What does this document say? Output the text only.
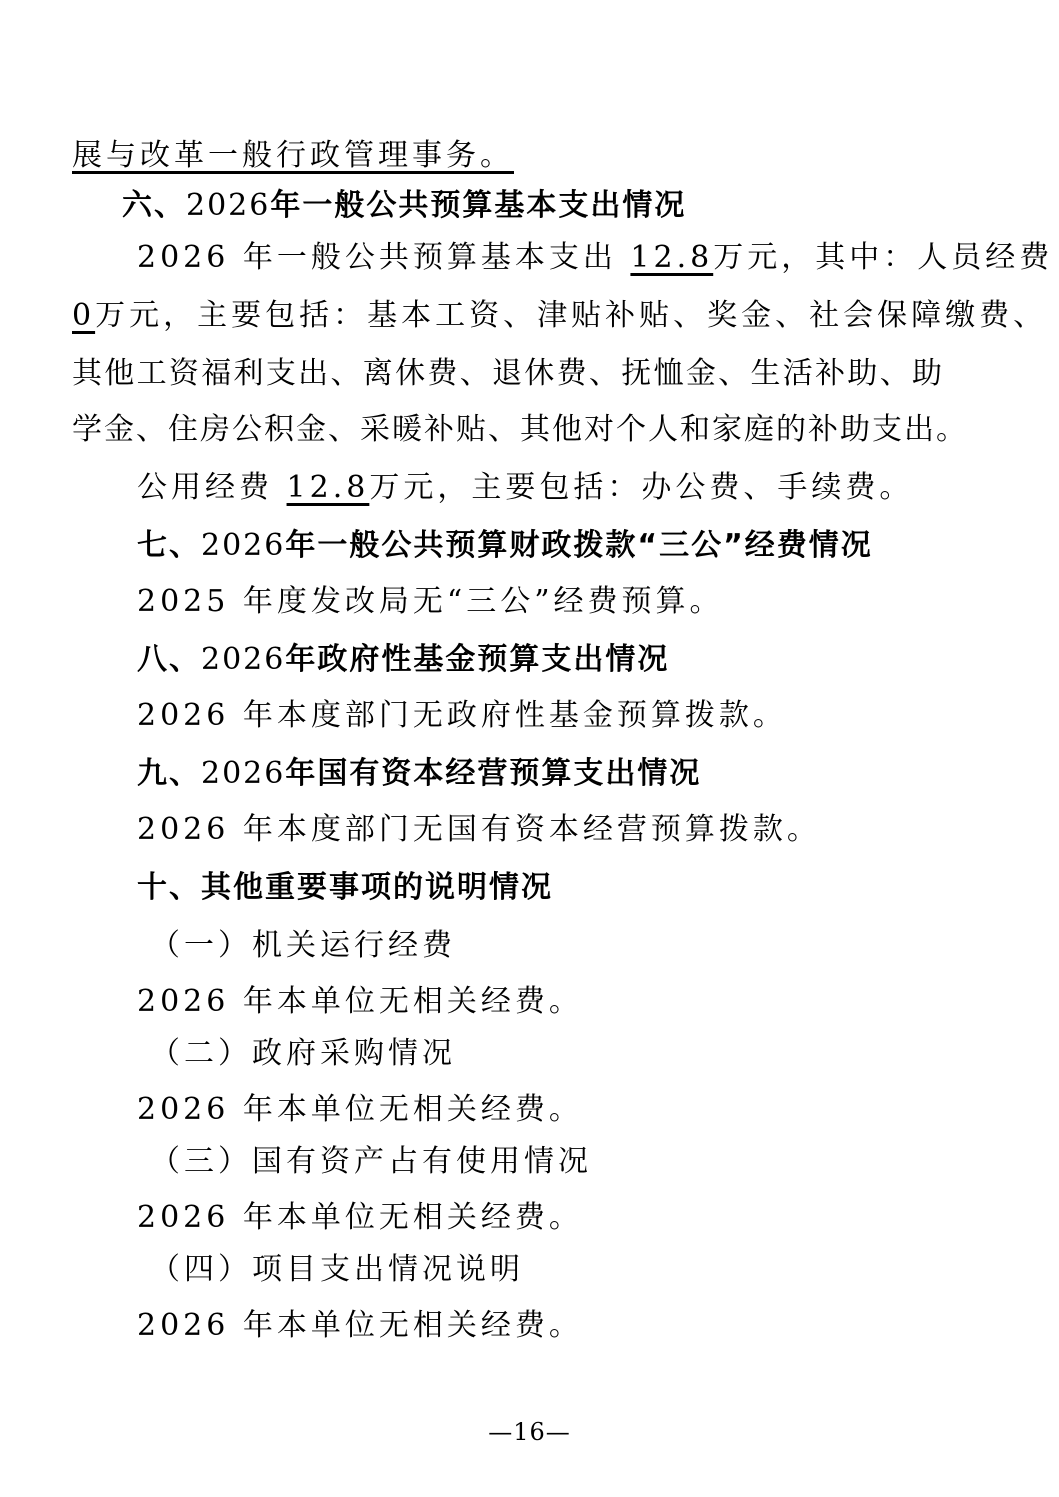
展与改革一般行政管理事务。
六、2026年一般公共预算基本支出情况
2026 年一般公共预算基本支出 12.8万元，其中：人员经费
0万元，主要包括：基本工资、津贴补贴、奖金、社会保障缴费、
其他工资福利支出、离休费、退休费、抚恤金、生活补助、助
学金、住房公积金、采暖补贴、其他对个人和家庭的补助支出。
公用经费 12.8万元，主要包括：办公费、手续费。
七、2026年一般公共预算财政拨款“三公”经费情况
2025 年度发改局无“三公”经费预算。
八、2026年政府性基金预算支出情况
2026 年本度部门无政府性基金预算拨款。
九、2026年国有资本经营预算支出情况
2026 年本度部门无国有资本经营预算拨款。
十、其他重要事项的说明情况
（一）机关运行经费
2026 年本单位无相关经费。
（二）政府采购情况
2026 年本单位无相关经费。
（三）国有资产占有使用情况
2026 年本单位无相关经费。
（四）项目支出情况说明
2026 年本单位无相关经费。
—16—
